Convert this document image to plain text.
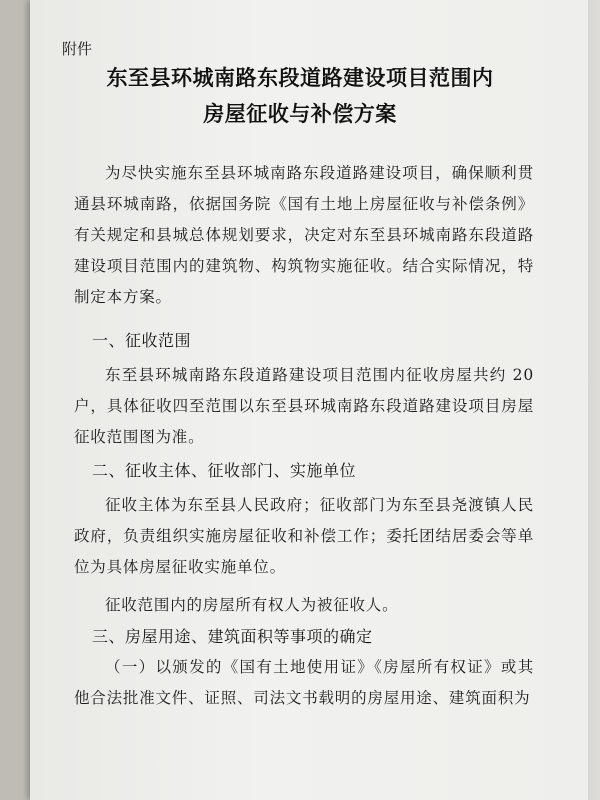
附件
东至县环城南路东段道路建设项目范围内
房屋征收与补偿方案
为尽快实施东至县环城南路东段道路建设项目，确保顺利贯通县环城南路，依据国务院《国有土地上房屋征收与补偿条例》有关规定和县城总体规划要求，决定对东至县环城南路东段道路建设项目范围内的建筑物、构筑物实施征收。结合实际情况，特制定本方案。
一、征收范围
东至县环城南路东段道路建设项目范围内征收房屋共约 20户，具体征收四至范围以东至县环城南路东段道路建设项目房屋征收范围图为准。
二、征收主体、征收部门、实施单位
征收主体为东至县人民政府；征收部门为东至县尧渡镇人民政府，负责组织实施房屋征收和补偿工作；委托团结居委会等单位为具体房屋征收实施单位。
征收范围内的房屋所有权人为被征收人。
三、房屋用途、建筑面积等事项的确定
（一）以颁发的《国有土地使用证》《房屋所有权证》或其他合法批准文件、证照、司法文书载明的房屋用途、建筑面积为
